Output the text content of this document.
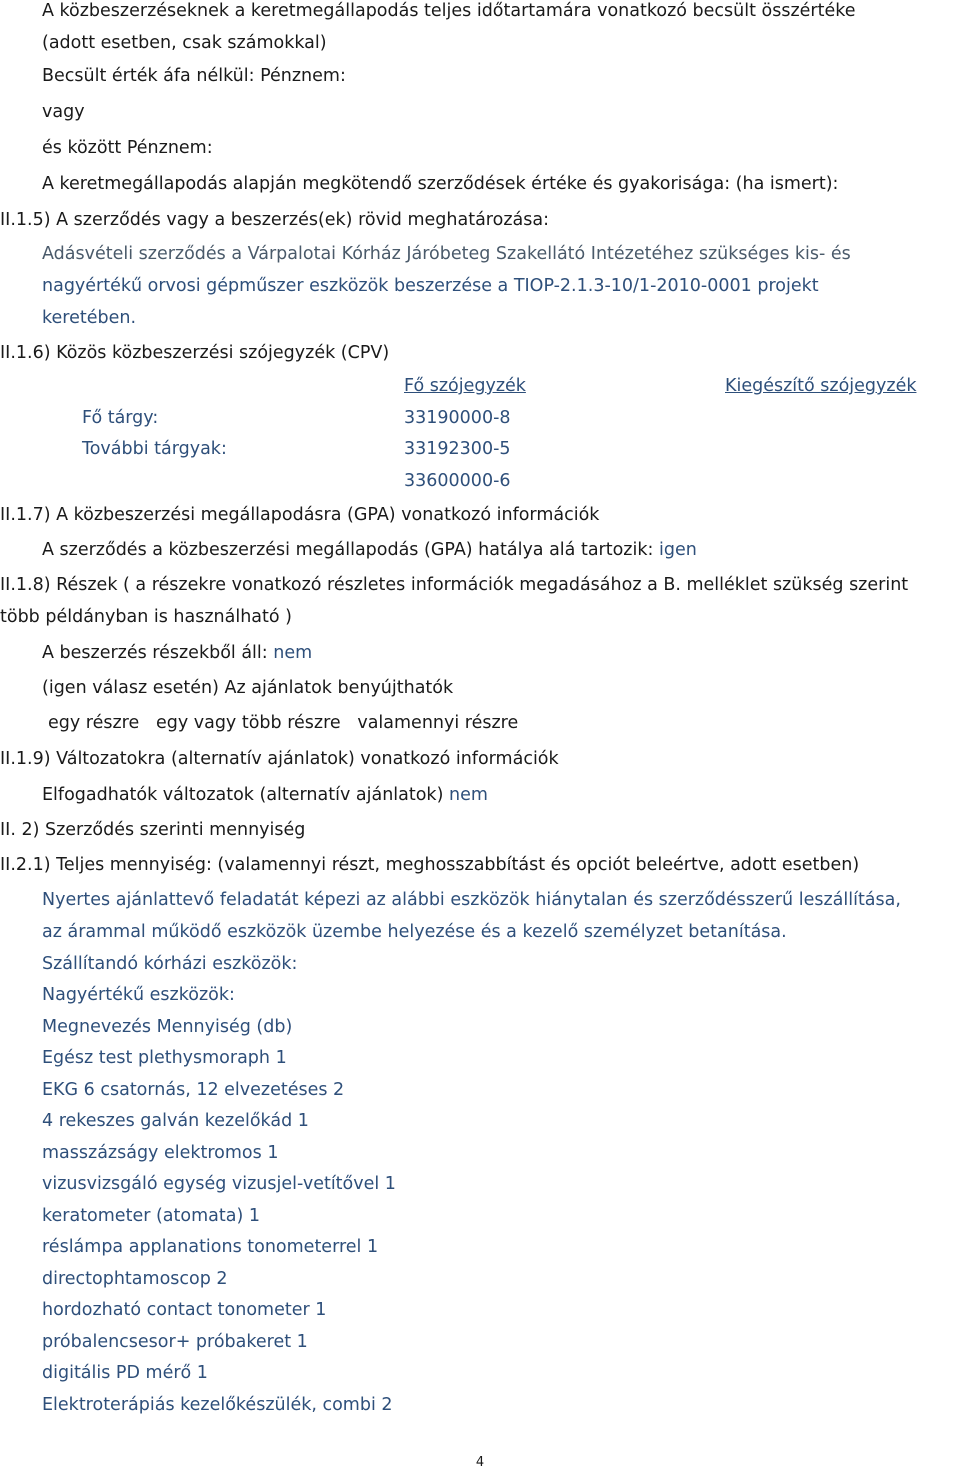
A közbeszerzéseknek a keretmegállapodás teljes időtartamára vonatkozó becsült összértéke
(adott esetben, csak számokkal)
Becsült érték áfa nélkül: Pénznem:
vagy
és között Pénznem:
A keretmegállapodás alapján megkötendő szerződések értéke és gyakorisága: (ha ismert):
II.1.5) A szerződés vagy a beszerzés(ek) rövid meghatározása:
Adásvételi szerződés a Várpalotai Kórház Járóbeteg Szakellátó Intézetéhez szükséges kis- és
nagyértékű orvosi gépműszer eszközök beszerzése a TIOP-2.1.3-10/1-2010-0001 projekt
keretében.
II.1.6) Közös közbeszerzési szójegyzék (CPV)
Fő szójegyzék	Kiegészítő szójegyzék
Fő tárgy:	33190000-8
További tárgyak:	33192300-5
33600000-6
II.1.7) A közbeszerzési megállapodásra (GPA) vonatkozó információk
A szerződés a közbeszerzési megállapodás (GPA) hatálya alá tartozik: igen
II.1.8) Részek ( a részekre vonatkozó részletes információk megadásához a B. melléklet szükség szerint
több példányban is használható )
A beszerzés részekből áll: nem
(igen válasz esetén) Az ajánlatok benyújthatók
egy részre   egy vagy több részre   valamennyi részre
II.1.9) Változatokra (alternatív ajánlatok) vonatkozó információk
Elfogadhatók változatok (alternatív ajánlatok) nem
II. 2) Szerződés szerinti mennyiség
II.2.1) Teljes mennyiség: (valamennyi részt, meghosszabbítást és opciót beleértve, adott esetben)
Nyertes ajánlattevő feladatát képezi az alábbi eszközök hiánytalan és szerződésszerű leszállítása,
az árammal működő eszközök üzembe helyezése és a kezelő személyzet betanítása.
Szállítandó kórházi eszközök:
Nagyértékű eszközök:
Megnevezés Mennyiség (db)
Egész test plethysmoraph 1
EKG 6 csatornás, 12 elvezetéses 2
4 rekeszes galván kezelőkád 1
masszázságy elektromos 1
vizusvizsgáló egység vizusjel-vetítővel 1
keratometer (atomata) 1
réslámpa applanations tonometerrel 1
directophtamoscop 2
hordozható contact tonometer 1
próbalencsesor+ próbakeret 1
digitális PD mérő 1
Elektroterápiás kezelőkészülék, combi 2
4
